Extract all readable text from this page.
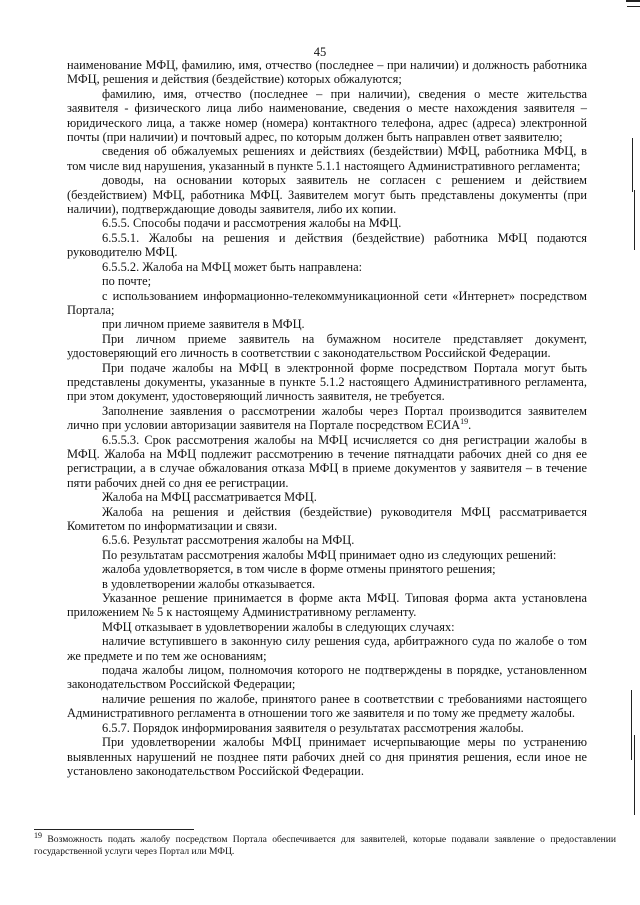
45

наименование МФЦ, фамилию, имя, отчество (последнее – при наличии) и должность работника МФЦ, решения и действия (бездействие) которых обжалуются;

фамилию, имя, отчество (последнее – при наличии), сведения о месте жительства заявителя - физического лица либо наименование, сведения о месте нахождения заявителя – юридического лица, а также номер (номера) контактного телефона, адрес (адреса) электронной почты (при наличии) и почтовый адрес, по которым должен быть направлен ответ заявителю;

сведения об обжалуемых решениях и действиях (бездействии) МФЦ, работника МФЦ, в том числе вид нарушения, указанный в пункте 5.1.1 настоящего Административного регламента;

доводы, на основании которых заявитель не согласен с решением и действием (бездействием) МФЦ, работника МФЦ. Заявителем могут быть представлены документы (при наличии), подтверждающие доводы заявителя, либо их копии.

6.5.5. Способы подачи и рассмотрения жалобы на МФЦ.

6.5.5.1. Жалобы на решения и действия (бездействие) работника МФЦ подаются руководителю МФЦ.

6.5.5.2. Жалоба на МФЦ может быть направлена:

по почте;

с использованием информационно-телекоммуникационной сети «Интернет» посредством Портала;

при личном приеме заявителя в МФЦ.

При личном приеме заявитель на бумажном носителе представляет документ, удостоверяющий его личность в соответствии с законодательством Российской Федерации.

При подаче жалобы на МФЦ в электронной форме посредством Портала могут быть представлены документы, указанные в пункте 5.1.2 настоящего Административного регламента, при этом документ, удостоверяющий личность заявителя, не требуется.

Заполнение заявления о рассмотрении жалобы через Портал производится заявителем лично при условии авторизации заявителя на Портале посредством ЕСИА$^{19}$.

6.5.5.3. Срок рассмотрения жалобы на МФЦ исчисляется со дня регистрации жалобы в МФЦ. Жалоба на МФЦ подлежит рассмотрению в течение пятнадцати рабочих дней со дня ее регистрации, а в случае обжалования отказа МФЦ в приеме документов у заявителя – в течение пяти рабочих дней со дня ее регистрации.

Жалоба на МФЦ рассматривается МФЦ.

Жалоба на решения и действия (бездействие) руководителя МФЦ рассматривается Комитетом по информатизации и связи.

6.5.6. Результат рассмотрения жалобы на МФЦ.

По результатам рассмотрения жалобы МФЦ принимает одно из следующих решений:

жалоба удовлетворяется, в том числе в форме отмены принятого решения;

в удовлетворении жалобы отказывается.

Указанное решение принимается в форме акта МФЦ. Типовая форма акта установлена приложением № 5 к настоящему Административному регламенту.

МФЦ отказывает в удовлетворении жалобы в следующих случаях:

наличие вступившего в законную силу решения суда, арбитражного суда по жалобе о том же предмете и по тем же основаниям;

подача жалобы лицом, полномочия которого не подтверждены в порядке, установленном законодательством Российской Федерации;

наличие решения по жалобе, принятого ранее в соответствии с требованиями настоящего Административного регламента в отношении того же заявителя и по тому же предмету жалобы.

6.5.7. Порядок информирования заявителя о результатах рассмотрения жалобы.

При удовлетворении жалобы МФЦ принимает исчерпывающие меры по устранению выявленных нарушений не позднее пяти рабочих дней со дня принятия решения, если иное не установлено законодательством Российской Федерации.

$^{19}$ Возможность подать жалобу посредством Портала обеспечивается для заявителей, которые подавали заявление о предоставлении государственной услуги через Портал или МФЦ.
